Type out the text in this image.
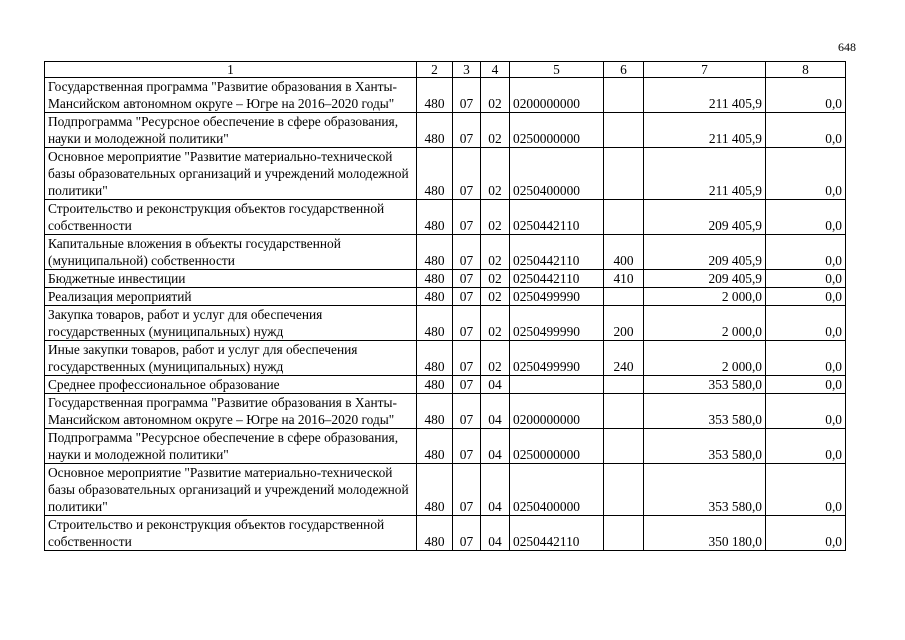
648
1	2	3	4	5	6	7	8
Государственная программа "Развитие образования в Ханты-Мансийском автономном округе – Югре на 2016–2020 годы"	480	07	02	0200000000		211 405,9	0,0
Подпрограмма "Ресурсное обеспечение в сфере образования, науки и молодежной политики"	480	07	02	0250000000		211 405,9	0,0
Основное мероприятие "Развитие материально-технической базы образовательных организаций и учреждений молодежной политики"	480	07	02	0250400000		211 405,9	0,0
Строительство и реконструкция объектов государственной собственности	480	07	02	0250442110		209 405,9	0,0
Капитальные вложения в объекты государственной (муниципальной) собственности	480	07	02	0250442110	400	209 405,9	0,0
Бюджетные инвестиции	480	07	02	0250442110	410	209 405,9	0,0
Реализация мероприятий	480	07	02	0250499990		2 000,0	0,0
Закупка товаров, работ и услуг для обеспечения государственных (муниципальных) нужд	480	07	02	0250499990	200	2 000,0	0,0
Иные закупки товаров, работ и услуг для обеспечения государственных (муниципальных) нужд	480	07	02	0250499990	240	2 000,0	0,0
Среднее профессиональное образование	480	07	04			353 580,0	0,0
Государственная программа "Развитие образования в Ханты-Мансийском автономном округе – Югре на 2016–2020 годы"	480	07	04	0200000000		353 580,0	0,0
Подпрограмма "Ресурсное обеспечение в сфере образования, науки и молодежной политики"	480	07	04	0250000000		353 580,0	0,0
Основное мероприятие "Развитие материально-технической базы образовательных организаций и учреждений молодежной политики"	480	07	04	0250400000		353 580,0	0,0
Строительство и реконструкция объектов государственной собственности	480	07	04	0250442110		350 180,0	0,0
